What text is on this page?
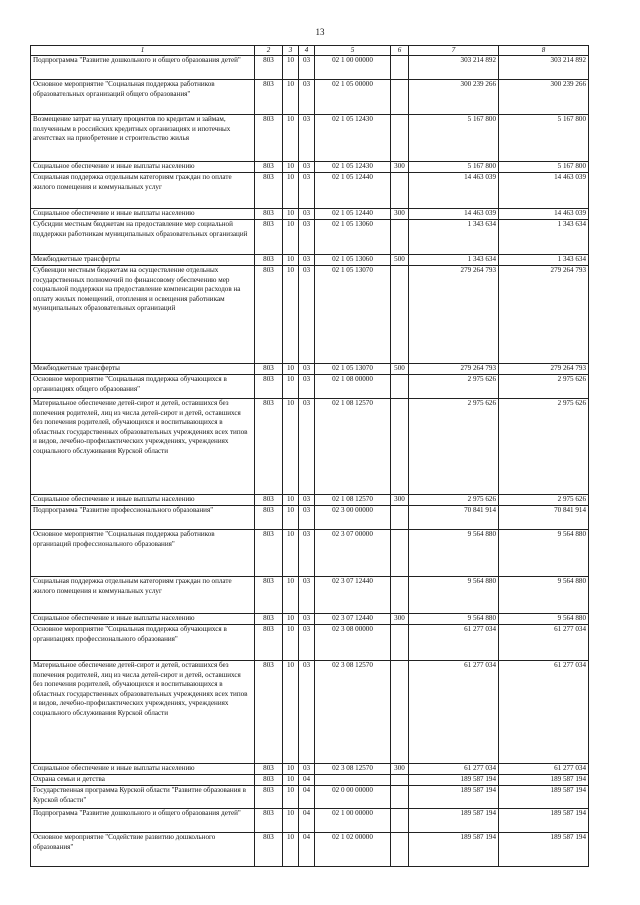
13
1	2	3	4	5	6	7	8
Подпрограмма "Развитие дошкольного и общего образования детей"	803	10	03	02 1 00 00000		303 214 892	303 214 892
Основное мероприятие "Социальная поддержка работников образовательных организаций общего образования"	803	10	03	02 1 05 00000		300 239 266	300 239 266
Возмещение затрат на уплату процентов по кредитам и займам, полученным в российских кредитных организациях и ипотечных агентствах на приобретение и строительство жилья	803	10	03	02 1 05 12430		5 167 800	5 167 800
Социальное обеспечение и иные выплаты населению	803	10	03	02 1 05 12430	300	5 167 800	5 167 800
Социальная поддержка отдельным категориям граждан по оплате жилого помещения и коммунальных услуг	803	10	03	02 1 05 12440		14 463 039	14 463 039
Социальное обеспечение и иные выплаты населению	803	10	03	02 1 05 12440	300	14 463 039	14 463 039
Субсидии местным бюджетам на предоставление мер социальной поддержки работникам муниципальных образовательных организаций	803	10	03	02 1 05 13060		1 343 634	1 343 634
Межбюджетные трансферты	803	10	03	02 1 05 13060	500	1 343 634	1 343 634
Субвенции местным бюджетам на осуществление отдельных государственных полномочий по финансовому обеспечению мер социальной поддержки на предоставление компенсации расходов на оплату жилых помещений, отопления и освещения работникам муниципальных образовательных организаций	803	10	03	02 1 05 13070		279 264 793	279 264 793
Межбюджетные трансферты	803	10	03	02 1 05 13070	500	279 264 793	279 264 793
Основное мероприятие "Социальная поддержка обучающихся в организациях общего образования"	803	10	03	02 1 08 00000		2 975 626	2 975 626
Материальное обеспечение детей-сирот и детей, оставшихся без попечения родителей, лиц из числа детей-сирот и детей, оставшихся без попечения родителей, обучающихся и воспитывающихся в областных государственных образовательных учреждениях всех типов и видов, лечебно-профилактических учреждениях, учреждениях социального обслуживания Курской области	803	10	03	02 1 08 12570		2 975 626	2 975 626
Социальное обеспечение и иные выплаты населению	803	10	03	02 1 08 12570	300	2 975 626	2 975 626
Подпрограмма "Развитие профессионального образования"	803	10	03	02 3 00 00000		70 841 914	70 841 914
Основное мероприятие "Социальная поддержка работников организаций профессионального образования"	803	10	03	02 3 07 00000		9 564 880	9 564 880
Социальная поддержка отдельным категориям граждан по оплате жилого помещения и коммунальных услуг	803	10	03	02 3 07 12440		9 564 880	9 564 880
Социальное обеспечение и иные выплаты населению	803	10	03	02 3 07 12440	300	9 564 880	9 564 880
Основное мероприятие "Социальная поддержка обучающихся в организациях профессионального образования"	803	10	03	02 3 08 00000		61 277 034	61 277 034
Материальное обеспечение детей-сирот и детей, оставшихся без попечения родителей, лиц из числа детей-сирот и детей, оставшихся без попечения родителей, обучающихся и воспитывающихся в областных государственных образовательных учреждениях всех типов и видов, лечебно-профилактических учреждениях, учреждениях социального обслуживания Курской области	803	10	03	02 3 08 12570		61 277 034	61 277 034
Социальное обеспечение и иные выплаты населению	803	10	03	02 3 08 12570	300	61 277 034	61 277 034
Охрана семьи и детства	803	10	04			189 587 194	189 587 194
Государственная программа Курской области "Развитие образования в Курской области"	803	10	04	02 0 00 00000		189 587 194	189 587 194
Подпрограмма "Развитие дошкольного и общего образования детей"	803	10	04	02 1 00 00000		189 587 194	189 587 194
Основное мероприятие "Содействие развитию дошкольного образования"	803	10	04	02 1 02 00000		189 587 194	189 587 194
